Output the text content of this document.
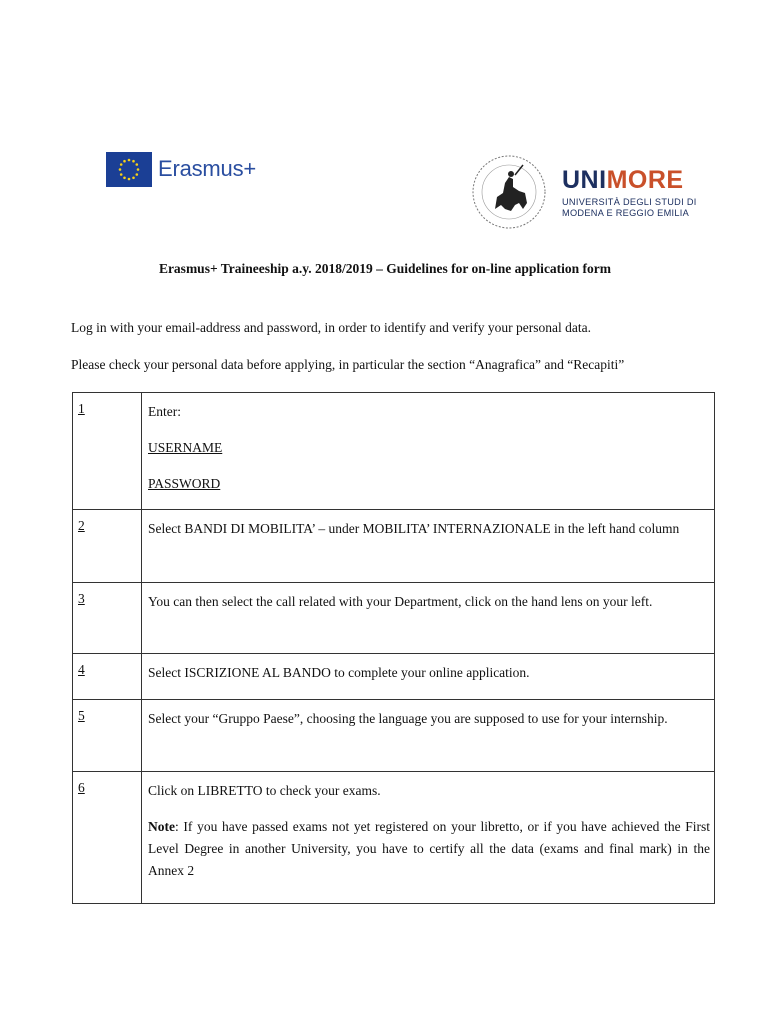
Erasmus+	UNIMORE
UNIVERSITÀ DEGLI STUDI DI
MODENA E REGGIO EMILIA

Erasmus+ Traineeship a.y. 2018/2019 – Guidelines for on-line application form

Log in with your email-address and password, in order to identify and verify your personal data.

Please check your personal data before applying, in particular the section “Anagrafica” and “Recapiti”

1	Enter:

USERNAME

PASSWORD

2	Select BANDI DI MOBILITA’ – under MOBILITA’ INTERNAZIONALE in the left hand column

3	You can then select the call related with your Department, click on the hand lens on your left.

4	Select ISCRIZIONE AL BANDO to complete your online application.

5	Select your “Gruppo Paese”, choosing the language you are supposed to use for your internship.

6	Click on LIBRETTO to check your exams.

Note: If you have passed exams not yet registered on your libretto, or if you have achieved the First Level Degree in another University, you have to certify all the data (exams and final mark) in the Annex 2
